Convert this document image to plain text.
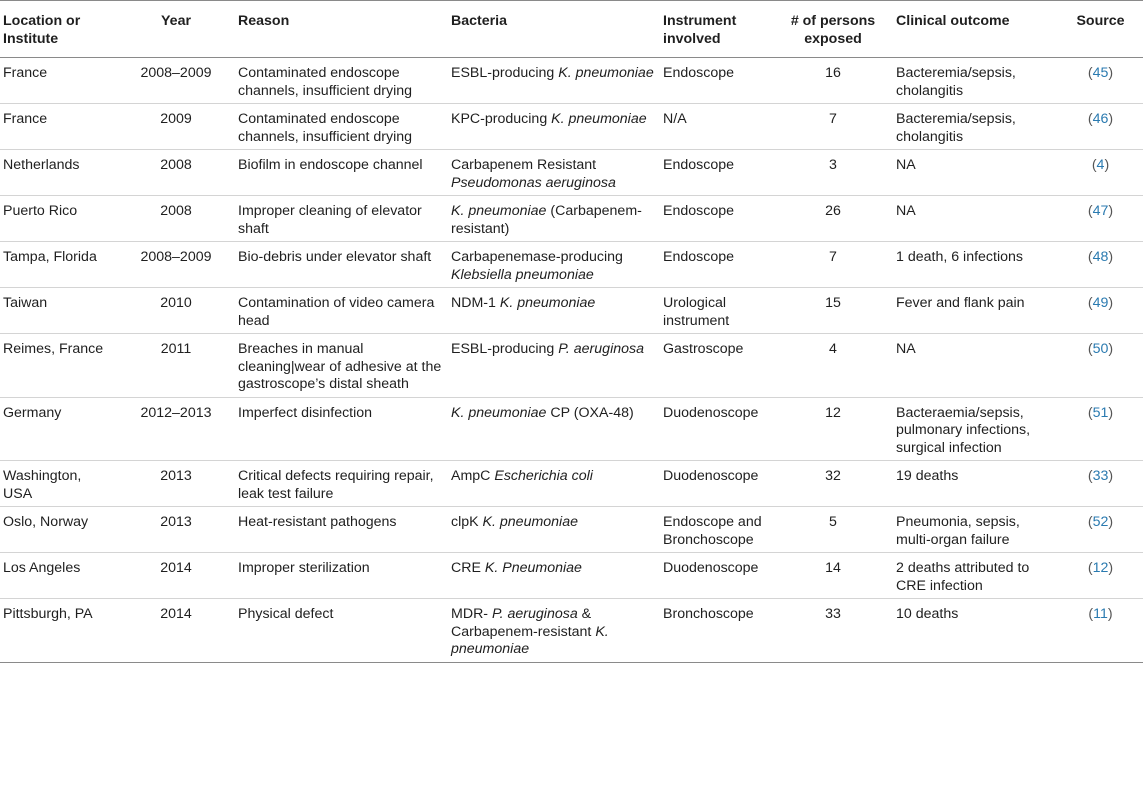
Location or Institute	Year	Reason	Bacteria	Instrument involved	# of persons exposed	Clinical outcome	Source
France	2008–2009	Contaminated endoscope channels, insufficient drying	ESBL-producing K. pneumoniae	Endoscope	16	Bacteremia/sepsis, cholangitis	(45)
France	2009	Contaminated endoscope channels, insufficient drying	KPC-producing K. pneumoniae	N/A	7	Bacteremia/sepsis, cholangitis	(46)
Netherlands	2008	Biofilm in endoscope channel	Carbapenem Resistant Pseudomonas aeruginosa	Endoscope	3	NA	(4)
Puerto Rico	2008	Improper cleaning of elevator shaft	K. pneumoniae (Carbapenem-resistant)	Endoscope	26	NA	(47)
Tampa, Florida	2008–2009	Bio-debris under elevator shaft	Carbapenemase-producing Klebsiella pneumoniae	Endoscope	7	1 death, 6 infections	(48)
Taiwan	2010	Contamination of video camera head	NDM-1 K. pneumoniae	Urological instrument	15	Fever and flank pain	(49)
Reimes, France	2011	Breaches in manual cleaning|wear of adhesive at the gastroscope’s distal sheath	ESBL-producing P. aeruginosa	Gastroscope	4	NA	(50)
Germany	2012–2013	Imperfect disinfection	K. pneumoniae CP (OXA-48)	Duodenoscope	12	Bacteraemia/sepsis, pulmonary infections, surgical infection	(51)
Washington, USA	2013	Critical defects requiring repair, leak test failure	AmpC Escherichia coli	Duodenoscope	32	19 deaths	(33)
Oslo, Norway	2013	Heat-resistant pathogens	clpK K. pneumoniae	Endoscope and Bronchoscope	5	Pneumonia, sepsis, multi-organ failure	(52)
Los Angeles	2014	Improper sterilization	CRE K. Pneumoniae	Duodenoscope	14	2 deaths attributed to CRE infection	(12)
Pittsburgh, PA	2014	Physical defect	MDR- P. aeruginosa & Carbapenem-resistant K. pneumoniae	Bronchoscope	33	10 deaths	(11)
